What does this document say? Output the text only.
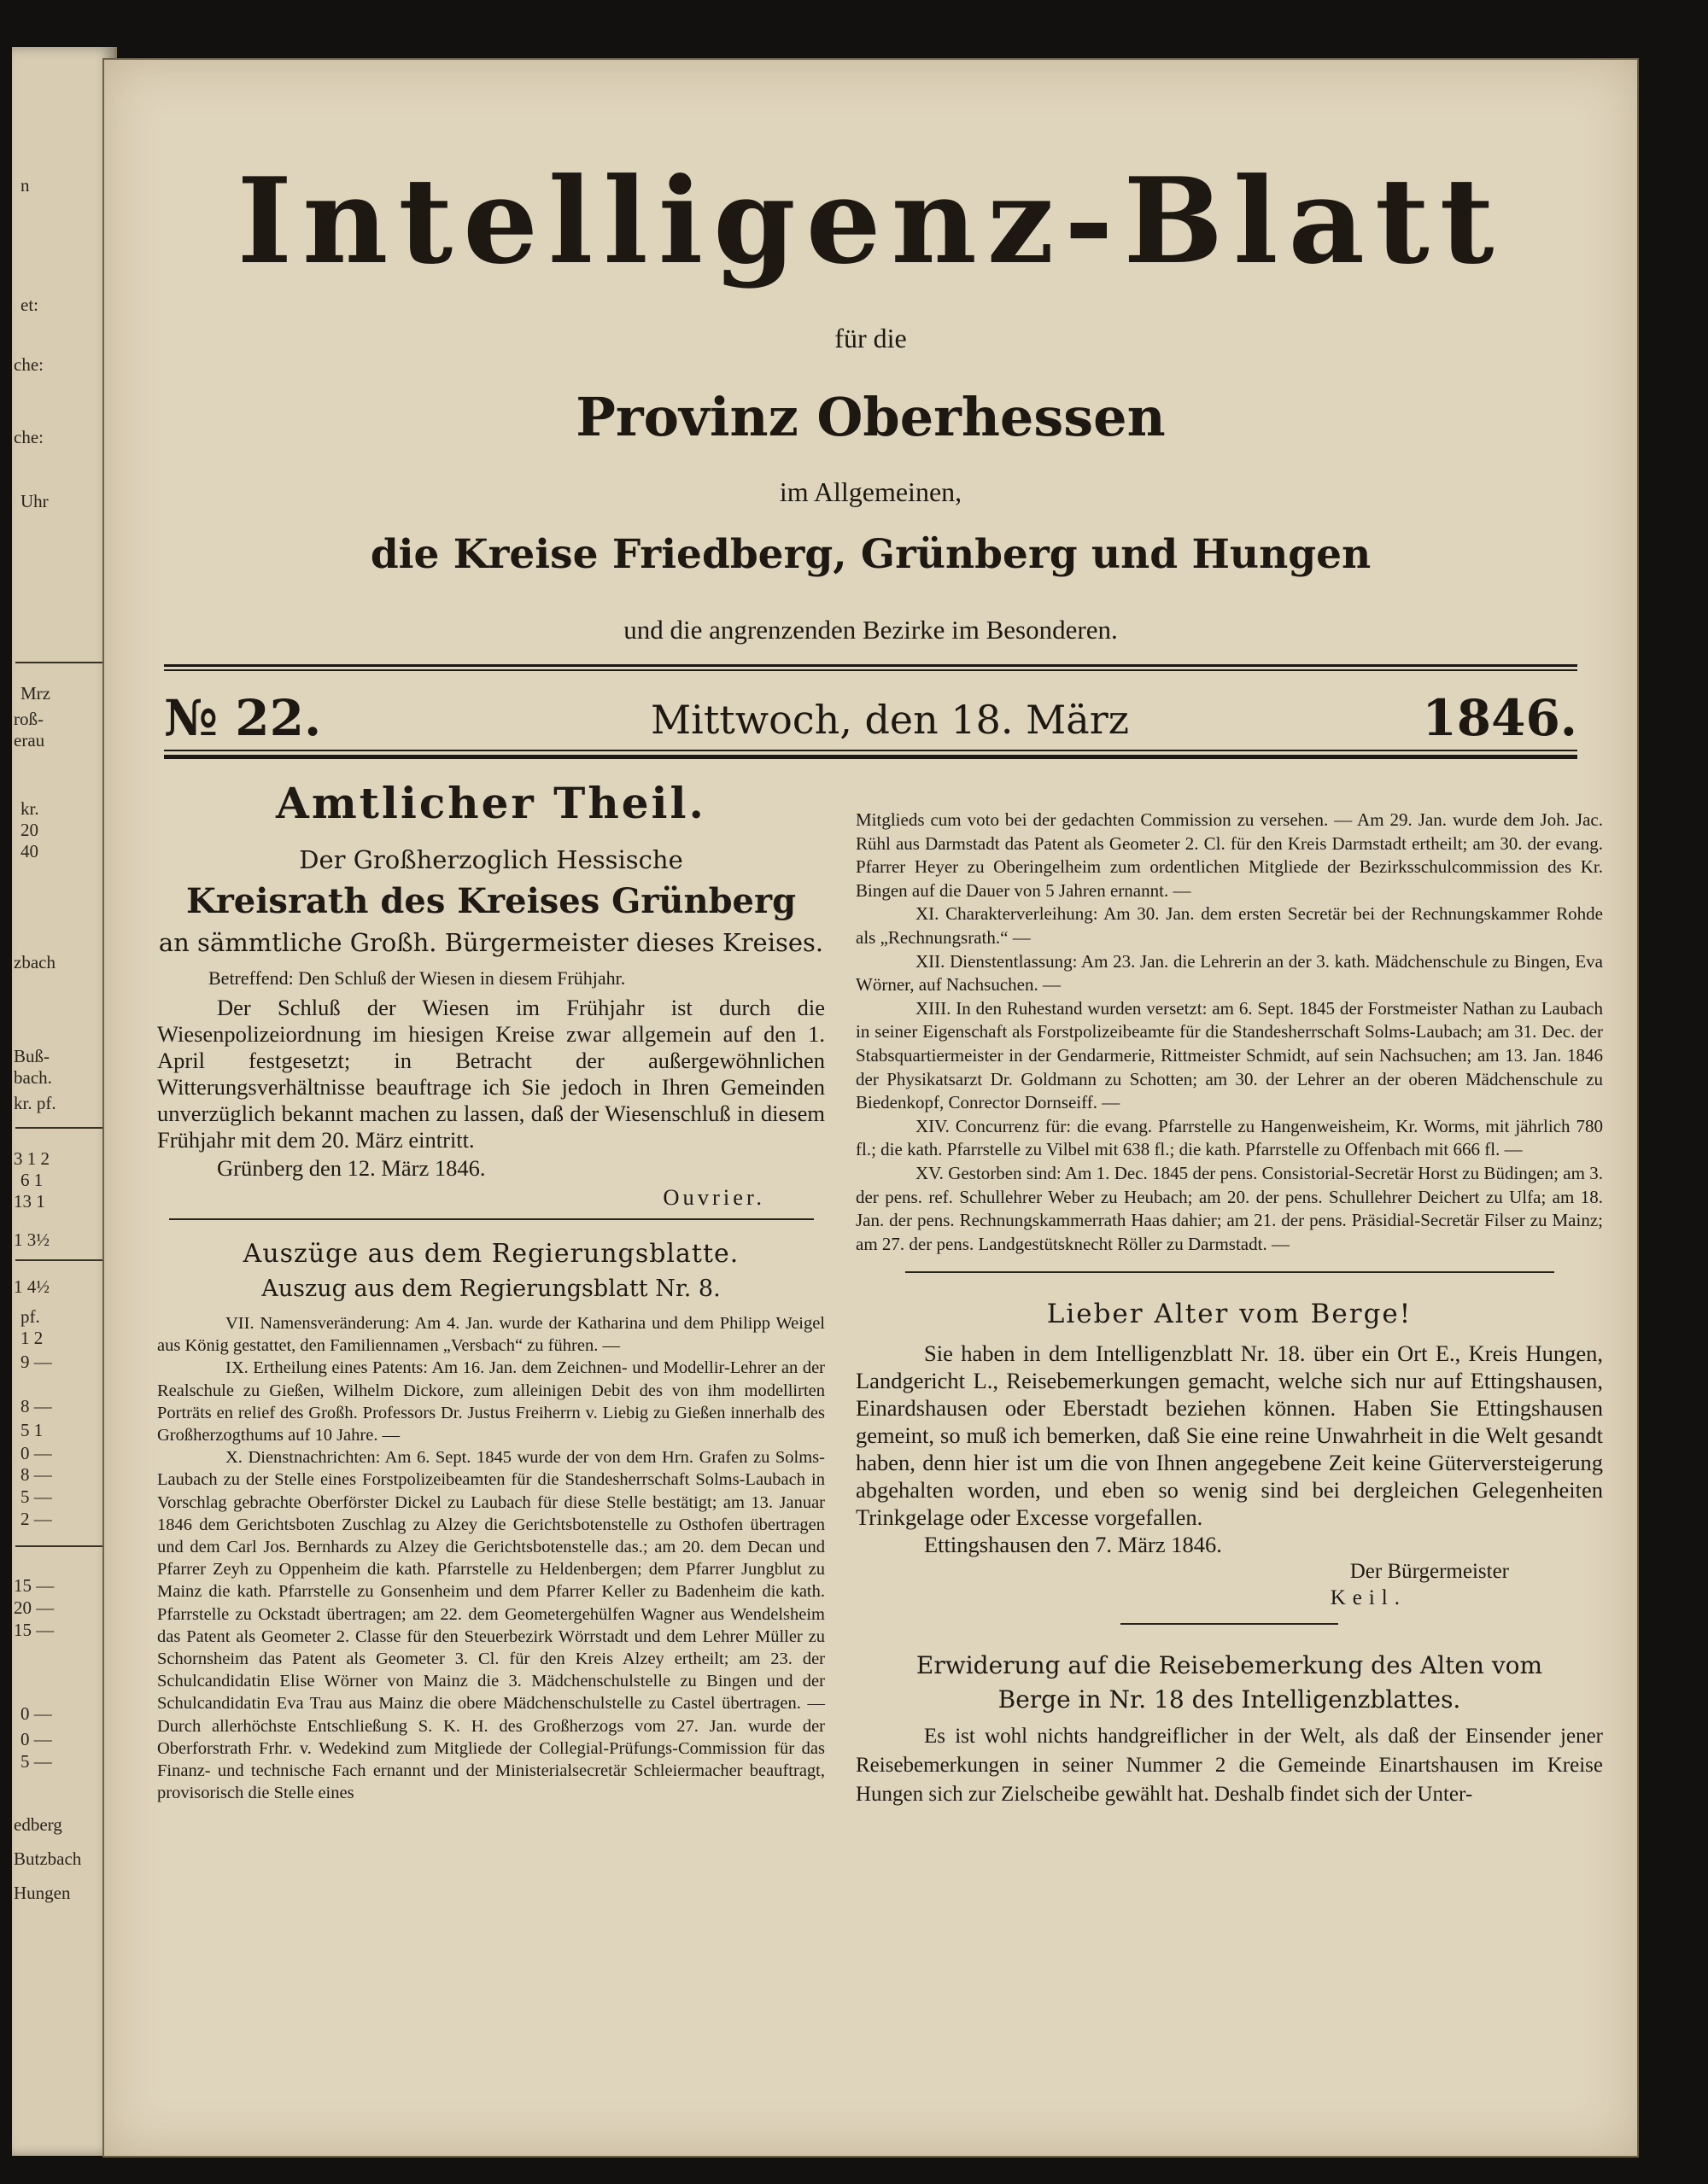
n
et:
che:
che:
Uhr
Mrz
roß-
erau
kr.
20
40
zbach
Buß-
bach.
kr. pf.
3 1 2
6 1
13 1
1 3½
1 4½
pf.
1 2
9 —
8 —
5 1
0 —
8 —
5 —
2 —
15 —
20 —
15 —
0 —
0 —
5 —
edberg
Butzbach
Hungen
Intelligenz-Blatt
für die
Provinz Oberhessen
im Allgemeinen,
die Kreise Friedberg, Grünberg und Hungen
und die angrenzenden Bezirke im Besonderen.
№ 22.	Mittwoch, den 18. März	1846.

Amtlicher Theil.

Der Großherzoglich Hessische

Kreisrath des Kreises Grünberg

an sämmtliche Großh. Bürgermeister dieses Kreises.

Betreffend: Den Schluß der Wiesen in diesem Frühjahr.

Der Schluß der Wiesen im Frühjahr ist durch die Wiesenpolizeiordnung im hiesigen Kreise zwar allgemein auf den 1. April festgesetzt; in Betracht der außergewöhnlichen Witterungsverhältnisse beauftrage ich Sie jedoch in Ihren Gemeinden unverzüglich bekannt machen zu lassen, daß der Wiesenschluß in diesem Frühjahr mit dem 20. März eintritt.

Grünberg den 12. März 1846.

Ouvrier.

Auszüge aus dem Regierungsblatte.

Auszug aus dem Regierungsblatt Nr. 8.

VII. Namensveränderung: Am 4. Jan. wurde der Katharina und dem Philipp Weigel aus König gestattet, den Familiennamen „Versbach“ zu führen. —

IX. Ertheilung eines Patents: Am 16. Jan. dem Zeichnen- und Modellir-Lehrer an der Realschule zu Gießen, Wilhelm Dickore, zum alleinigen Debit des von ihm modellirten Porträts en relief des Großh. Professors Dr. Justus Freiherrn v. Liebig zu Gießen innerhalb des Großherzogthums auf 10 Jahre. —

X. Dienstnachrichten: Am 6. Sept. 1845 wurde der von dem Hrn. Grafen zu Solms-Laubach zu der Stelle eines Forstpolizeibeamten für die Standesherrschaft Solms-Laubach in Vorschlag gebrachte Oberförster Dickel zu Laubach für diese Stelle bestätigt; am 13. Januar 1846 dem Gerichtsboten Zuschlag zu Alzey die Gerichtsbotenstelle zu Osthofen übertragen und dem Carl Jos. Bernhards zu Alzey die Gerichtsbotenstelle das.; am 20. dem Decan und Pfarrer Zeyh zu Oppenheim die kath. Pfarrstelle zu Heldenbergen; dem Pfarrer Jungblut zu Mainz die kath. Pfarrstelle zu Gonsenheim und dem Pfarrer Keller zu Badenheim die kath. Pfarrstelle zu Ockstadt übertragen; am 22. dem Geometergehülfen Wagner aus Wendelsheim das Patent als Geometer 2. Classe für den Steuerbezirk Wörrstadt und dem Lehrer Müller zu Schornsheim das Patent als Geometer 3. Cl. für den Kreis Alzey ertheilt; am 23. der Schulcandidatin Elise Wörner von Mainz die 3. Mädchenschulstelle zu Bingen und der Schulcandidatin Eva Trau aus Mainz die obere Mädchenschulstelle zu Castel übertragen. — Durch allerhöchste Entschließung S. K. H. des Großherzogs vom 27. Jan. wurde der Oberforstrath Frhr. v. Wedekind zum Mitgliede der Collegial-Prüfungs-Commission für das Finanz- und technische Fach ernannt und der Ministerialsecretär Schleiermacher beauftragt, provisorisch die Stelle eines

Mitglieds cum voto bei der gedachten Commission zu versehen. — Am 29. Jan. wurde dem Joh. Jac. Rühl aus Darmstadt das Patent als Geometer 2. Cl. für den Kreis Darmstadt ertheilt; am 30. der evang. Pfarrer Heyer zu Oberingelheim zum ordentlichen Mitgliede der Bezirksschulcommission des Kr. Bingen auf die Dauer von 5 Jahren ernannt. —

XI. Charakterverleihung: Am 30. Jan. dem ersten Secretär bei der Rechnungskammer Rohde als „Rechnungsrath.“ —

XII. Dienstentlassung: Am 23. Jan. die Lehrerin an der 3. kath. Mädchenschule zu Bingen, Eva Wörner, auf Nachsuchen. —

XIII. In den Ruhestand wurden versetzt: am 6. Sept. 1845 der Forstmeister Nathan zu Laubach in seiner Eigenschaft als Forstpolizeibeamte für die Standesherrschaft Solms-Laubach; am 31. Dec. der Stabsquartiermeister in der Gendarmerie, Rittmeister Schmidt, auf sein Nachsuchen; am 13. Jan. 1846 der Physikatsarzt Dr. Goldmann zu Schotten; am 30. der Lehrer an der oberen Mädchenschule zu Biedenkopf, Conrector Dornseiff. —

XIV. Concurrenz für: die evang. Pfarrstelle zu Hangenweisheim, Kr. Worms, mit jährlich 780 fl.; die kath. Pfarrstelle zu Vilbel mit 638 fl.; die kath. Pfarrstelle zu Offenbach mit 666 fl. —

XV. Gestorben sind: Am 1. Dec. 1845 der pens. Consistorial-Secretär Horst zu Büdingen; am 3. der pens. ref. Schullehrer Weber zu Heubach; am 20. der pens. Schullehrer Deichert zu Ulfa; am 18. Jan. der pens. Rechnungskammerrath Haas dahier; am 21. der pens. Präsidial-Secretär Filser zu Mainz; am 27. der pens. Landgestütsknecht Röller zu Darmstadt. —

Lieber Alter vom Berge!

Sie haben in dem Intelligenzblatt Nr. 18. über ein Ort E., Kreis Hungen, Landgericht L., Reisebemerkungen gemacht, welche sich nur auf Ettingshausen, Einardshausen oder Eberstadt beziehen können. Haben Sie Ettingshausen gemeint, so muß ich bemerken, daß Sie eine reine Unwahrheit in die Welt gesandt haben, denn hier ist um die von Ihnen angegebene Zeit keine Güterversteigerung abgehalten worden, und eben so wenig sind bei dergleichen Gelegenheiten Trinkgelage oder Excesse vorgefallen.

Ettingshausen den 7. März 1846.

Der Bürgermeister

Keil.

Erwiderung auf die Reisebemerkung des Alten vom

Berge in Nr. 18 des Intelligenzblattes.

Es ist wohl nichts handgreiflicher in der Welt, als daß der Einsender jener Reisebemerkungen in seiner Nummer 2 die Gemeinde Einartshausen im Kreise Hungen sich zur Zielscheibe gewählt hat. Deshalb findet sich der Unter-
